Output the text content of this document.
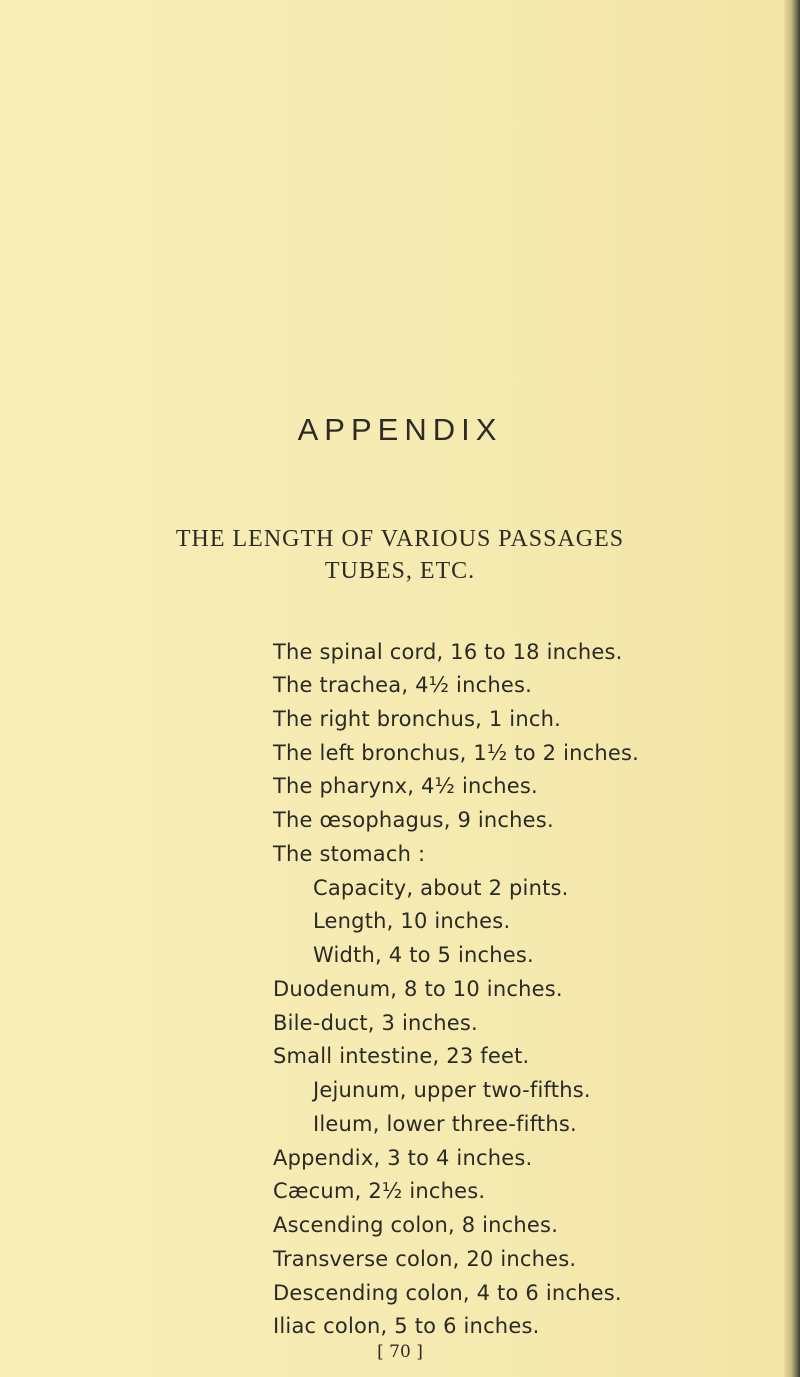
APPENDIX
THE LENGTH OF VARIOUS PASSAGES
TUBES, ETC.
The spinal cord, 16 to 18 inches.
The trachea, 4½ inches.
The right bronchus, 1 inch.
The left bronchus, 1½ to 2 inches.
The pharynx, 4½ inches.
The œsophagus, 9 inches.
The stomach :
Capacity, about 2 pints.
Length, 10 inches.
Width, 4 to 5 inches.
Duodenum, 8 to 10 inches.
Bile-duct, 3 inches.
Small intestine, 23 feet.
Jejunum, upper two-fifths.
Ileum, lower three-fifths.
Appendix, 3 to 4 inches.
Cæcum, 2½ inches.
Ascending colon, 8 inches.
Transverse colon, 20 inches.
Descending colon, 4 to 6 inches.
Iliac colon, 5 to 6 inches.
[ 70 ]
